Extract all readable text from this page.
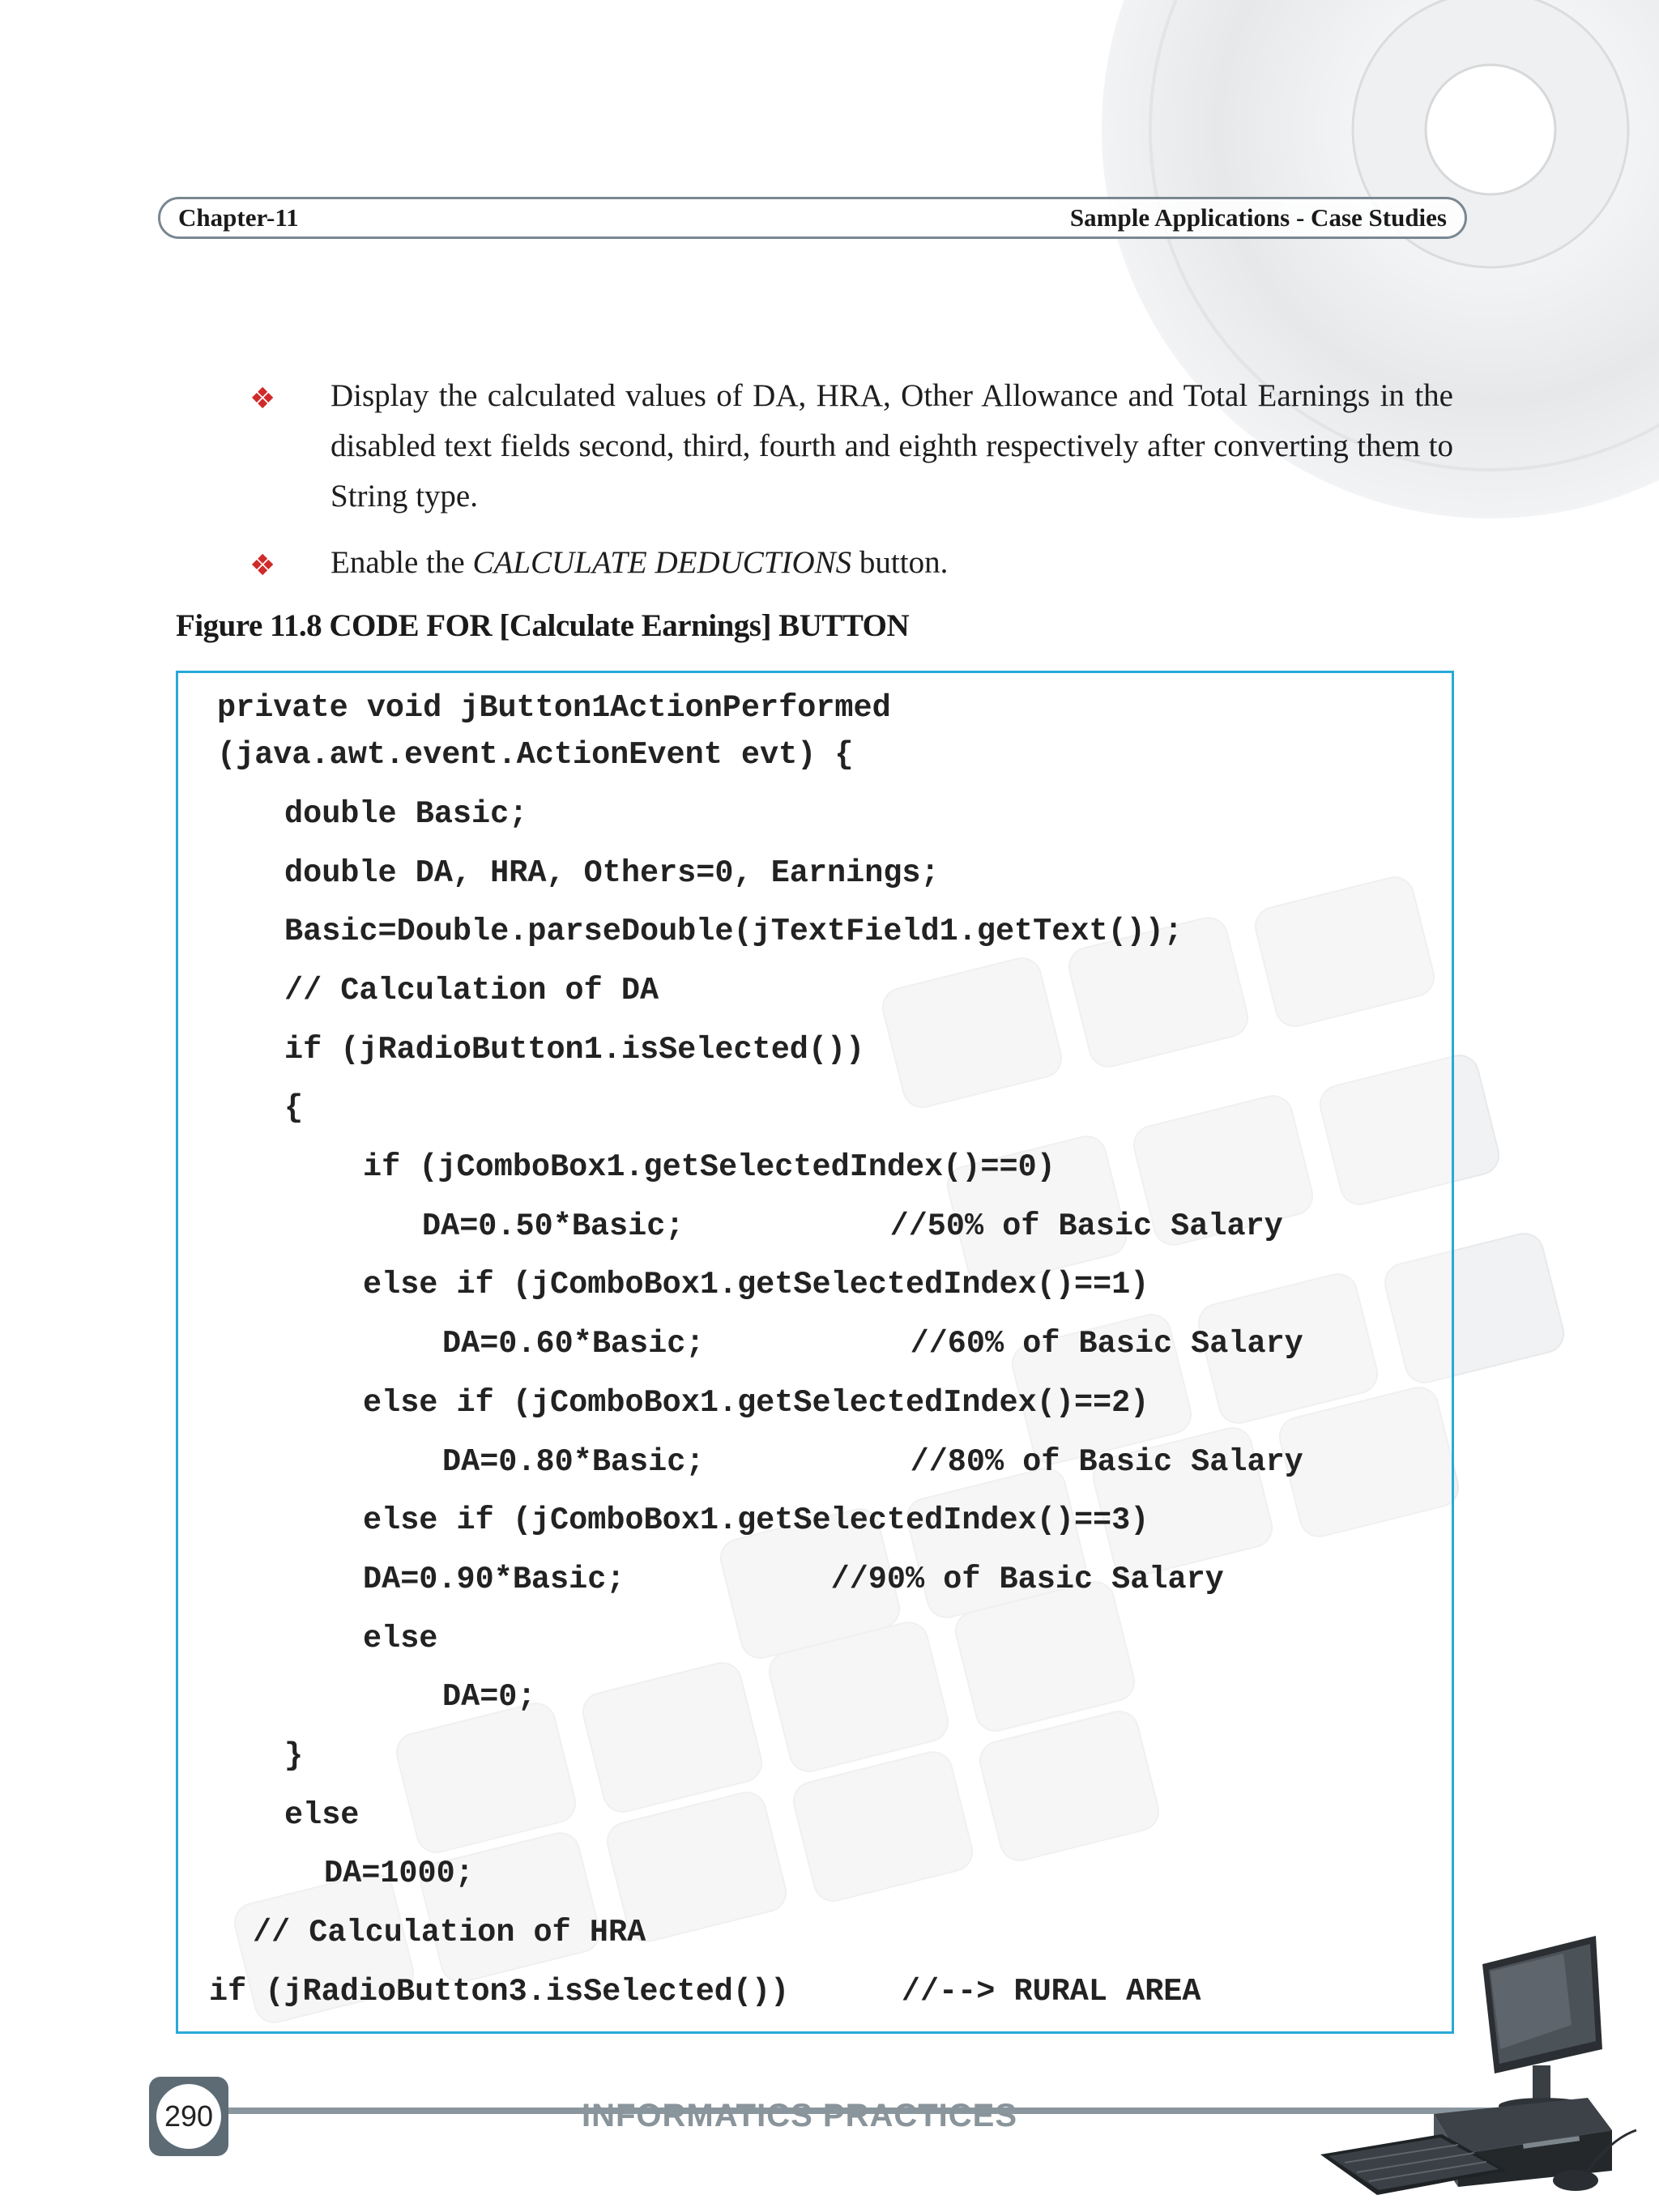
Chapter-11	Sample Applications - Case Studies
❖ Display the calculated values of DA, HRA, Other Allowance and Total Earnings in the disabled text fields second, third, fourth and eighth respectively after converting them to String type.
❖ Enable the CALCULATE DEDUCTIONS button.
Figure 11.8 CODE FOR [Calculate Earnings] BUTTON
private void jButton1ActionPerformed
(java.awt.event.ActionEvent evt) {
double Basic;
double DA, HRA, Others=0, Earnings;
Basic=Double.parseDouble(jTextField1.getText());
// Calculation of DA
if (jRadioButton1.isSelected())
{
if (jComboBox1.getSelectedIndex()==0)
DA=0.50*Basic;           //50% of Basic Salary
else if (jComboBox1.getSelectedIndex()==1)
DA=0.60*Basic;           //60% of Basic Salary
else if (jComboBox1.getSelectedIndex()==2)
DA=0.80*Basic;           //80% of Basic Salary
else if (jComboBox1.getSelectedIndex()==3)
DA=0.90*Basic;           //90% of Basic Salary
else
DA=0;
}
else
DA=1000;
// Calculation of HRA
if (jRadioButton3.isSelected())      //--> RURAL AREA
290	INFORMATICS PRACTICES
